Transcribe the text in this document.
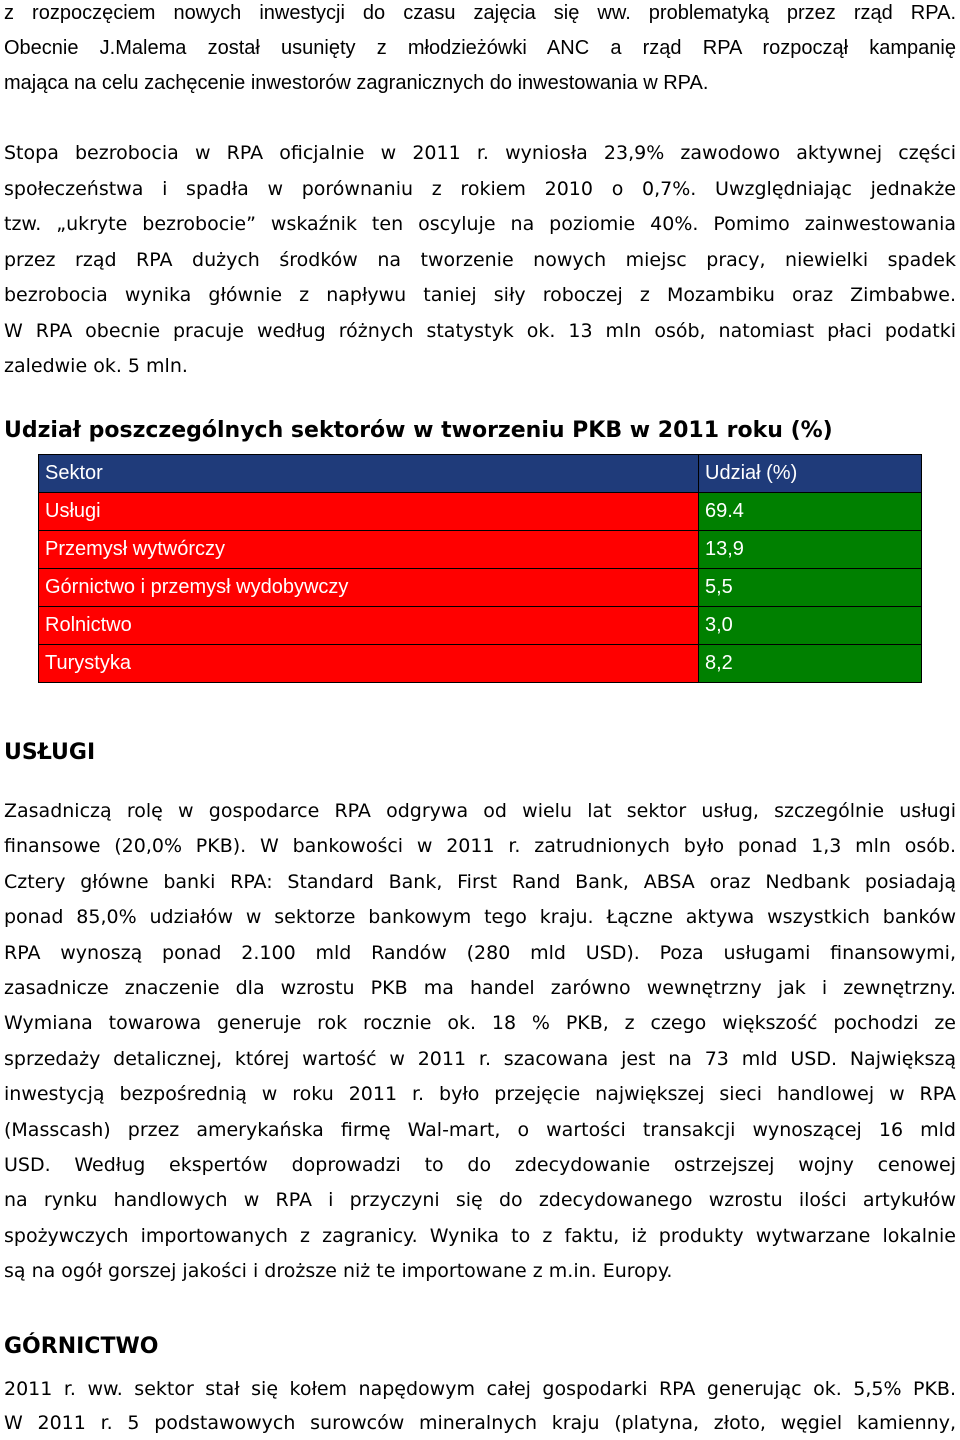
z rozpoczęciem nowych inwestycji do czasu zajęcia się ww. problematyką przez rząd RPA.
Obecnie J.Malema został usunięty z młodzieżówki ANC a rząd RPA rozpoczął kampanię
mająca na celu zachęcenie inwestorów zagranicznych do inwestowania w RPA.
Stopa bezrobocia w RPA oficjalnie w 2011 r. wyniosła 23,9% zawodowo aktywnej części
społeczeństwa i spadła w porównaniu z rokiem 2010 o 0,7%. Uwzględniając jednakże
tzw. „ukryte bezrobocie” wskaźnik ten oscyluje na poziomie 40%. Pomimo zainwestowania
przez rząd RPA dużych środków na tworzenie nowych miejsc pracy, niewielki spadek
bezrobocia wynika głównie z napływu taniej siły roboczej z Mozambiku oraz Zimbabwe.
W RPA obecnie pracuje według różnych statystyk ok. 13 mln osób, natomiast płaci podatki
zaledwie ok. 5 mln.
Udział poszczególnych sektorów w tworzeniu PKB w 2011 roku (%)
Sektor	Udział (%)
Usługi	69.4
Przemysł wytwórczy	13,9
Górnictwo i przemysł wydobywczy	5,5
Rolnictwo	3,0
Turystyka	8,2
USŁUGI
Zasadniczą rolę w gospodarce RPA odgrywa od wielu lat sektor usług, szczególnie usługi
finansowe (20,0% PKB). W bankowości w 2011 r. zatrudnionych było ponad 1,3 mln osób.
Cztery główne banki RPA: Standard Bank, First Rand Bank, ABSA oraz Nedbank posiadają
ponad 85,0% udziałów w sektorze bankowym tego kraju. Łączne aktywa wszystkich banków
RPA wynoszą ponad 2.100 mld Randów (280 mld USD). Poza usługami finansowymi,
zasadnicze znaczenie dla wzrostu PKB ma handel zarówno wewnętrzny jak i zewnętrzny.
Wymiana towarowa generuje rok rocznie ok. 18 % PKB, z czego większość pochodzi ze
sprzedaży detalicznej, której wartość w 2011 r. szacowana jest na 73 mld USD. Największą
inwestycją bezpośrednią w roku 2011 r. było przejęcie największej sieci handlowej w RPA
(Masscash) przez amerykańska firmę Wal-mart, o wartości transakcji wynoszącej 16 mld
USD. Według ekspertów doprowadzi to do zdecydowanie ostrzejszej wojny cenowej
na rynku handlowych w RPA i przyczyni się do zdecydowanego wzrostu ilości artykułów
spożywczych importowanych z zagranicy. Wynika to z faktu, iż produkty wytwarzane lokalnie
są na ogół gorszej jakości i droższe niż te importowane z m.in. Europy.
GÓRNICTWO
2011 r. ww. sektor stał się kołem napędowym całej gospodarki RPA generując ok. 5,5% PKB.
W 2011 r. 5 podstawowych surowców mineralnych kraju (platyna, złoto, węgiel kamienny,
